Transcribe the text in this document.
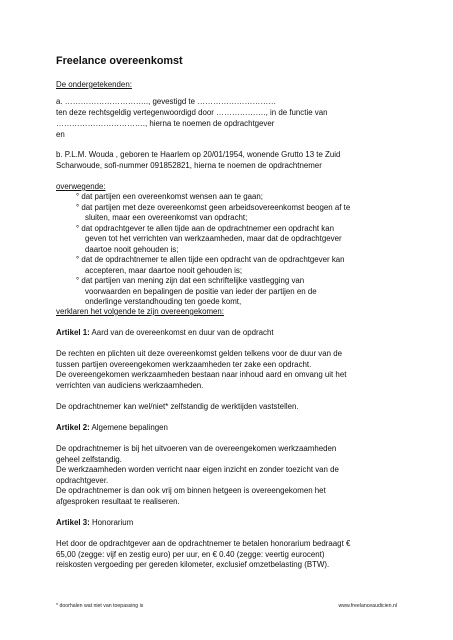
Freelance overeenkomst
De ondergetekenden:
a. ………………………….., gevestigd te …………………………
ten deze rechtsgeldig vertegenwoordigd door ………………., in de functie van
……………………………., hierna te noemen de opdrachtgever
en
b. P.L.M. Wouda , geboren te Haarlem op 20/01/1954, wonende Grutto 13 te Zuid
Scharwoude, sofi-nummer 091852821, hierna te noemen de opdrachtnemer
overwegende:
° dat partijen een overeenkomst wensen aan te gaan;
° dat partijen met deze overeenkomst geen arbeidsovereenkomst beogen af te
sluiten, maar een overeenkomst van opdracht;
° dat opdrachtgever te allen tijde aan de opdrachtnemer een opdracht kan
geven tot het verrichten van werkzaamheden, maar dat de opdrachtgever
daartoe nooit gehouden is;
° dat de opdrachtnemer te allen tijde een opdracht van de opdrachtgever kan
accepteren, maar daartoe nooit gehouden is;
° dat partijen van mening zijn dat een schriftelijke vastlegging van
voorwaarden en bepalingen de positie van ieder der partijen en de
onderlinge verstandhouding ten goede komt,
verklaren het volgende te zijn overeengekomen:
Artikel 1: Aard van de overeenkomst en duur van de opdracht
De rechten en plichten uit deze overeenkomst gelden telkens voor de duur van de
tussen partijen overeengekomen werkzaamheden ter zake een opdracht.
De overeengekomen werkzaamheden bestaan naar inhoud aard en omvang uit het
verrichten van audiciens werkzaamheden.
De opdrachtnemer kan wel/niet* zelfstandig de werktijden vaststellen.
Artikel 2: Algemene bepalingen
De opdrachtnemer is bij het uitvoeren van de overeengekomen werkzaamheden
geheel zelfstandig.
De werkzaamheden worden verricht naar eigen inzicht en zonder toezicht van de
opdrachtgever.
De opdrachtnemer is dan ook vrij om binnen hetgeen is overeengekomen het
afgesproken resultaat te realiseren.
Artikel 3: Honorarium
Het door de opdrachtgever aan de opdrachtnemer te betalen honorarium bedraagt €
65,00 (zegge: vijf en zestig euro) per uur, en € 0.40 (zegge: veertig eurocent)
reiskosten vergoeding per gereden kilometer, exclusief omzetbelasting (BTW).
* doorhalen wat niet van toepassing is	www.freelanceaudicien.nl
